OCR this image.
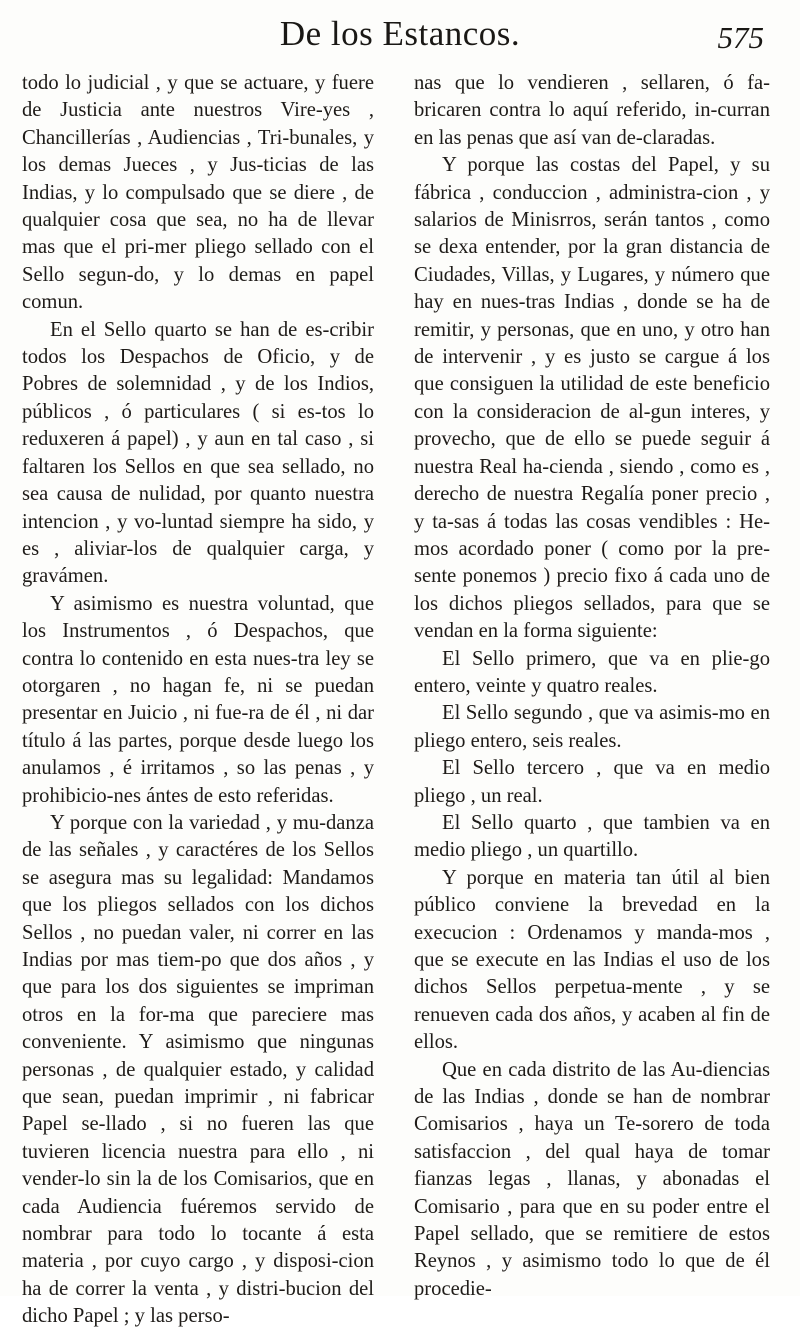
De los Estancos.	575

todo lo judicial , y que se actuare, y fuere de Justicia ante nuestros Vire-yes , Chancillerías , Audiencias , Tri-bunales, y los demas Jueces , y Jus-ticias de las Indias, y lo compulsado que se diere , de qualquier cosa que sea, no ha de llevar mas que el pri-mer pliego sellado con el Sello segun-do, y lo demas en papel comun.

En el Sello quarto se han de es-cribir todos los Despachos de Oficio, y de Pobres de solemnidad , y de los Indios, públicos , ó particulares ( si es-tos lo reduxeren á papel) , y aun en tal caso , si faltaren los Sellos en que sea sellado, no sea causa de nulidad, por quanto nuestra intencion , y vo-luntad siempre ha sido, y es , aliviar-los de qualquier carga, y gravámen.

Y asimismo es nuestra voluntad, que los Instrumentos , ó Despachos, que contra lo contenido en esta nues-tra ley se otorgaren , no hagan fe, ni se puedan presentar en Juicio , ni fue-ra de él , ni dar título á las partes, porque desde luego los anulamos , é irritamos , so las penas , y prohibicio-nes ántes de esto referidas.

Y porque con la variedad , y mu-danza de las señales , y caractéres de los Sellos se asegura mas su legalidad: Mandamos que los pliegos sellados con los dichos Sellos , no puedan valer, ni correr en las Indias por mas tiem-po que dos años , y que para los dos siguientes se impriman otros en la for-ma que pareciere mas conveniente. Y asimismo que ningunas personas , de qualquier estado, y calidad que sean, puedan imprimir , ni fabricar Papel se-llado , si no fueren las que tuvieren licencia nuestra para ello , ni vender-lo sin la de los Comisarios, que en cada Audiencia fuéremos servido de nombrar para todo lo tocante á esta materia , por cuyo cargo , y disposi-cion ha de correr la venta , y distri-bucion del dicho Papel ; y las perso-

nas que lo vendieren , sellaren, ó fa-bricaren contra lo aquí referido, in-curran en las penas que así van de-claradas.

Y porque las costas del Papel, y su fábrica , conduccion , administra-cion , y salarios de Minisrros, serán tantos , como se dexa entender, por la gran distancia de Ciudades, Villas, y Lugares, y número que hay en nues-tras Indias , donde se ha de remitir, y personas, que en uno, y otro han de intervenir , y es justo se cargue á los que consiguen la utilidad de este beneficio con la consideracion de al-gun interes, y provecho, que de ello se puede seguir á nuestra Real ha-cienda , siendo , como es , derecho de nuestra Regalía poner precio , y ta-sas á todas las cosas vendibles : He-mos acordado poner ( como por la pre-sente ponemos ) precio fixo á cada uno de los dichos pliegos sellados, para que se vendan en la forma siguiente:

El Sello primero, que va en plie-go entero, veinte y quatro reales.

El Sello segundo , que va asimis-mo en pliego entero, seis reales.

El Sello tercero , que va en medio pliego , un real.

El Sello quarto , que tambien va en medio pliego , un quartillo.

Y porque en materia tan útil al bien público conviene la brevedad en la execucion : Ordenamos y manda-mos , que se execute en las Indias el uso de los dichos Sellos perpetua-mente , y se renueven cada dos años, y acaben al fin de ellos.

Que en cada distrito de las Au-diencias de las Indias , donde se han de nombrar Comisarios , haya un Te-sorero de toda satisfaccion , del qual haya de tomar fianzas legas , llanas, y abonadas el Comisario , para que en su poder entre el Papel sellado, que se remitiere de estos Reynos , y asimismo todo lo que de él procedie-
